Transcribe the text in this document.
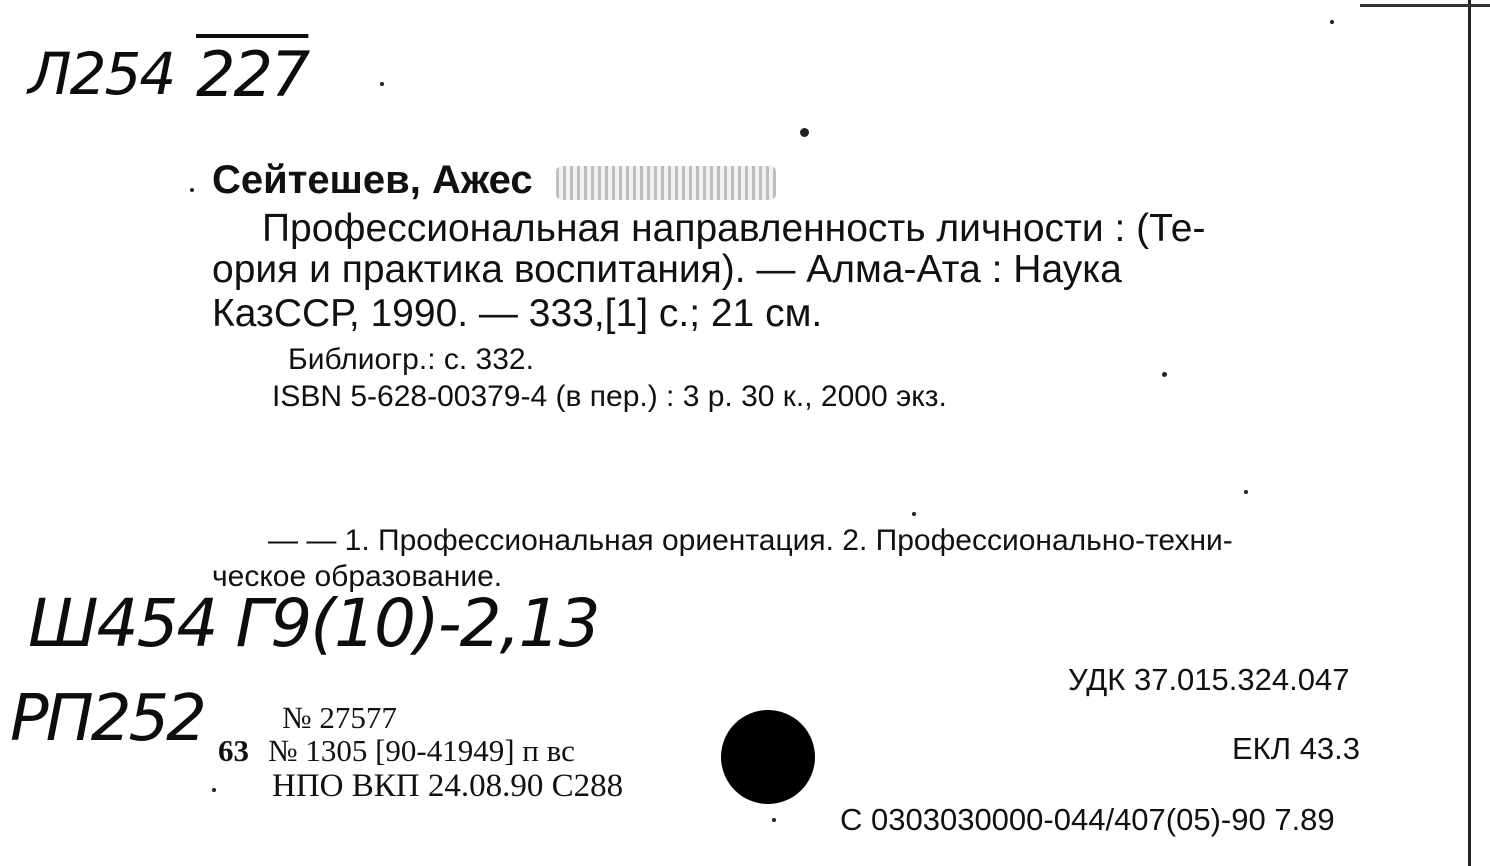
Л254 227
Сейтешев, Ажес
Профессиональная направленность личности : (Те-
ория и практика воспитания). — Алма-Ата : Наука
КазССР, 1990. — 333,[1] с.; 21 см.
Библиогр.: с. 332.
ISBN 5-628-00379-4 (в пер.) : 3 р. 30 к., 2000 экз.
— — 1. Профессиональная ориентация. 2. Профессионально-техни-
ческое образование.
Ш454 Г9(10)-2,13
РП252
УДК 37.015.324.047
ЕКЛ 43.3
С 0303030000-044/407(05)-90 7.89
№ 27577
63 № 1305 [90-41949] п вс
НПО ВКП 24.08.90 С288
